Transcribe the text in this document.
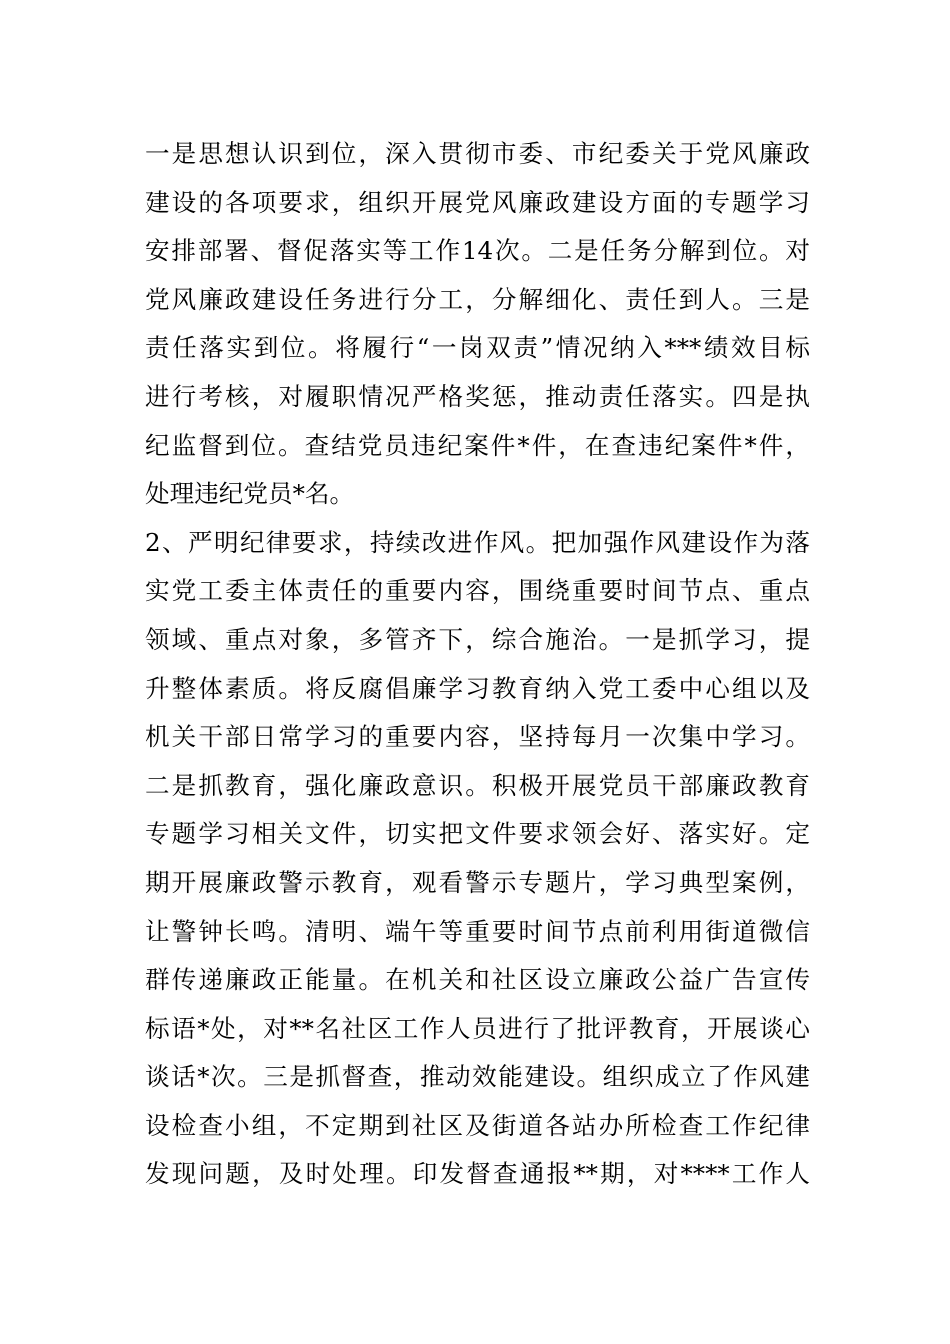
一是思想认识到位，深入贯彻市委、市纪委关于党风廉政
建设的各项要求，组织开展党风廉政建设方面的专题学习
安排部署、督促落实等工作14次。二是任务分解到位。对
党风廉政建设任务进行分工，分解细化、责任到人。三是
责任落实到位。将履行“一岗双责”情况纳入***绩效目标
进行考核，对履职情况严格奖惩，推动责任落实。四是执
纪监督到位。查结党员违纪案件*件，在查违纪案件*件，
处理违纪党员*名。
2、严明纪律要求，持续改进作风。把加强作风建设作为落
实党工委主体责任的重要内容，围绕重要时间节点、重点
领域、重点对象，多管齐下，综合施治。一是抓学习，提
升整体素质。将反腐倡廉学习教育纳入党工委中心组以及
机关干部日常学习的重要内容，坚持每月一次集中学习。
二是抓教育，强化廉政意识。积极开展党员干部廉政教育
专题学习相关文件，切实把文件要求领会好、落实好。定
期开展廉政警示教育，观看警示专题片，学习典型案例，
让警钟长鸣。清明、端午等重要时间节点前利用街道微信
群传递廉政正能量。在机关和社区设立廉政公益广告宣传
标语*处，对**名社区工作人员进行了批评教育，开展谈心
谈话*次。三是抓督查，推动效能建设。组织成立了作风建
设检查小组，不定期到社区及街道各站办所检查工作纪律
发现问题，及时处理。印发督查通报**期，对****工作人
